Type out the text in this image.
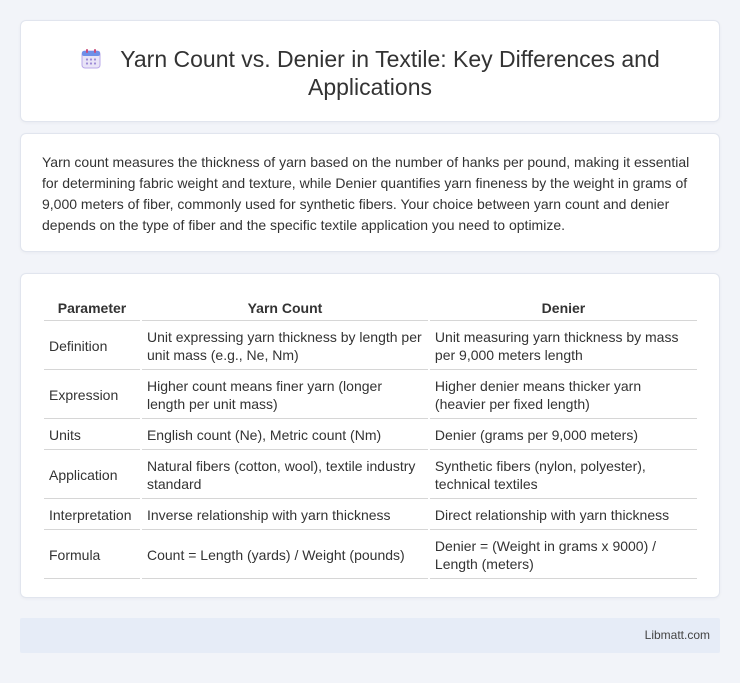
Yarn Count vs. Denier in Textile: Key Differences and Applications

Yarn count measures the thickness of yarn based on the number of hanks per pound, making it essential for determining fabric weight and texture, while Denier quantifies yarn fineness by the weight in grams of 9,000 meters of fiber, commonly used for synthetic fibers. Your choice between yarn count and denier depends on the type of fiber and the specific textile application you need to optimize.

Parameter	Yarn Count	Denier
Definition	Unit expressing yarn thickness by length per unit mass (e.g., Ne, Nm)	Unit measuring yarn thickness by mass per 9,000 meters length
Expression	Higher count means finer yarn (longer length per unit mass)	Higher denier means thicker yarn (heavier per fixed length)
Units	English count (Ne), Metric count (Nm)	Denier (grams per 9,000 meters)
Application	Natural fibers (cotton, wool), textile industry standard	Synthetic fibers (nylon, polyester), technical textiles
Interpretation	Inverse relationship with yarn thickness	Direct relationship with yarn thickness
Formula	Count = Length (yards) / Weight (pounds)	Denier = (Weight in grams x 9000) / Length (meters)
Libmatt.com
